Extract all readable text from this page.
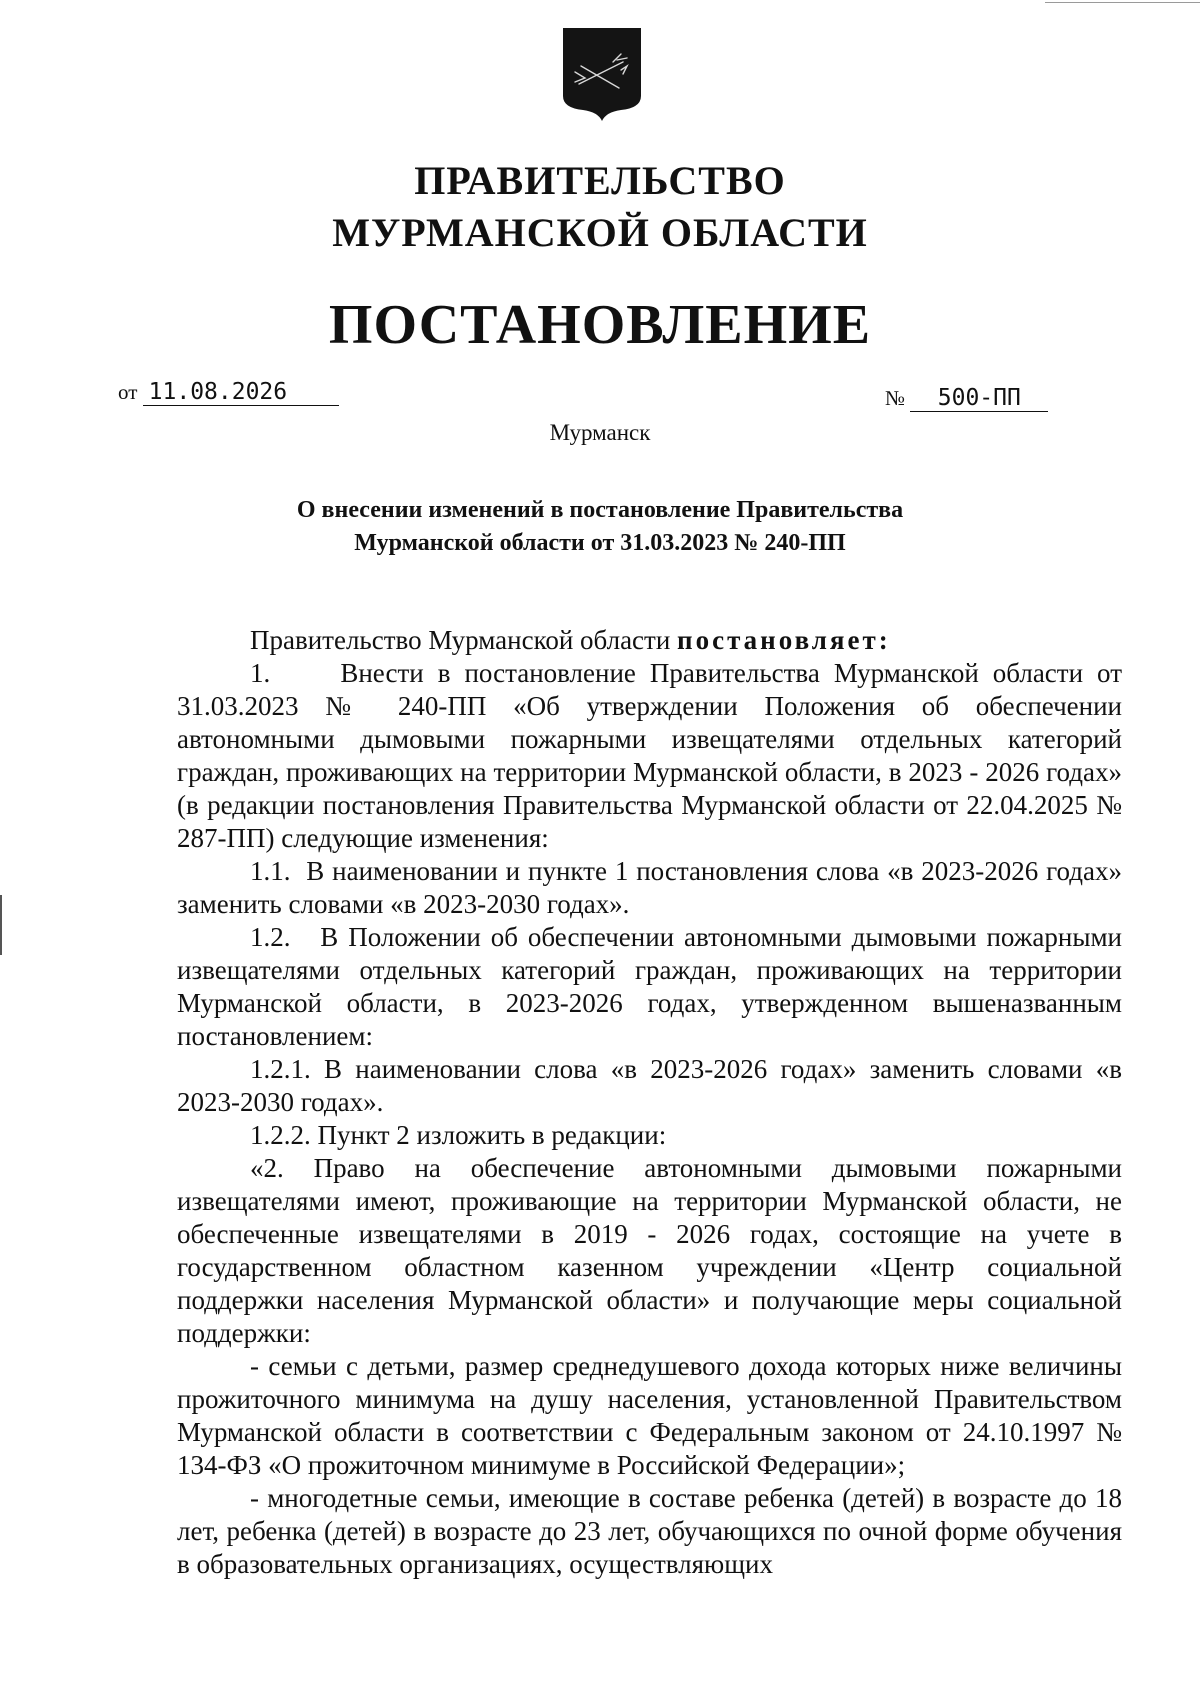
ПРАВИТЕЛЬСТВО
МУРМАНСКОЙ ОБЛАСТИ
ПОСТАНОВЛЕНИЕ
от 11.08.2026	№ 500-ПП
Мурманск
О внесении изменений в постановление Правительства
Мурманской области от 31.03.2023 № 240-ПП

Правительство Мурманской области постановляет:

1.     Внести в постановление Правительства Мурманской области от 31.03.2023 № 240-ПП «Об утверждении Положения об обеспечении автономными дымовыми пожарными извещателями отдельных категорий граждан, проживающих на территории Мурманской области, в 2023 - 2026 годах» (в редакции постановления Правительства Мурманской области от 22.04.2025 № 287-ПП) следующие изменения:

1.1.  В наименовании и пункте 1 постановления слова «в 2023-2026 годах» заменить словами «в 2023-2030 годах».

1.2.   В Положении об обеспечении автономными дымовыми пожарными извещателями отдельных категорий граждан, проживающих на территории Мурманской области, в 2023-2026 годах, утвержденном вышеназванным постановлением:

1.2.1. В наименовании слова «в 2023-2026 годах» заменить словами «в 2023-2030 годах».

1.2.2. Пункт 2 изложить в редакции:

«2. Право на обеспечение автономными дымовыми пожарными извещателями имеют, проживающие на территории Мурманской области, не обеспеченные извещателями в 2019 - 2026 годах, состоящие на учете в государственном областном казенном учреждении «Центр социальной поддержки населения Мурманской области» и получающие меры социальной поддержки:

- семьи с детьми, размер среднедушевого дохода которых ниже величины прожиточного минимума на душу населения, установленной Правительством Мурманской области в соответствии с Федеральным законом от 24.10.1997 № 134-ФЗ «О прожиточном минимуме в Российской Федерации»;

- многодетные семьи, имеющие в составе ребенка (детей) в возрасте до 18 лет, ребенка (детей) в возрасте до 23 лет, обучающихся по очной форме обучения в образовательных организациях, осуществляющих
